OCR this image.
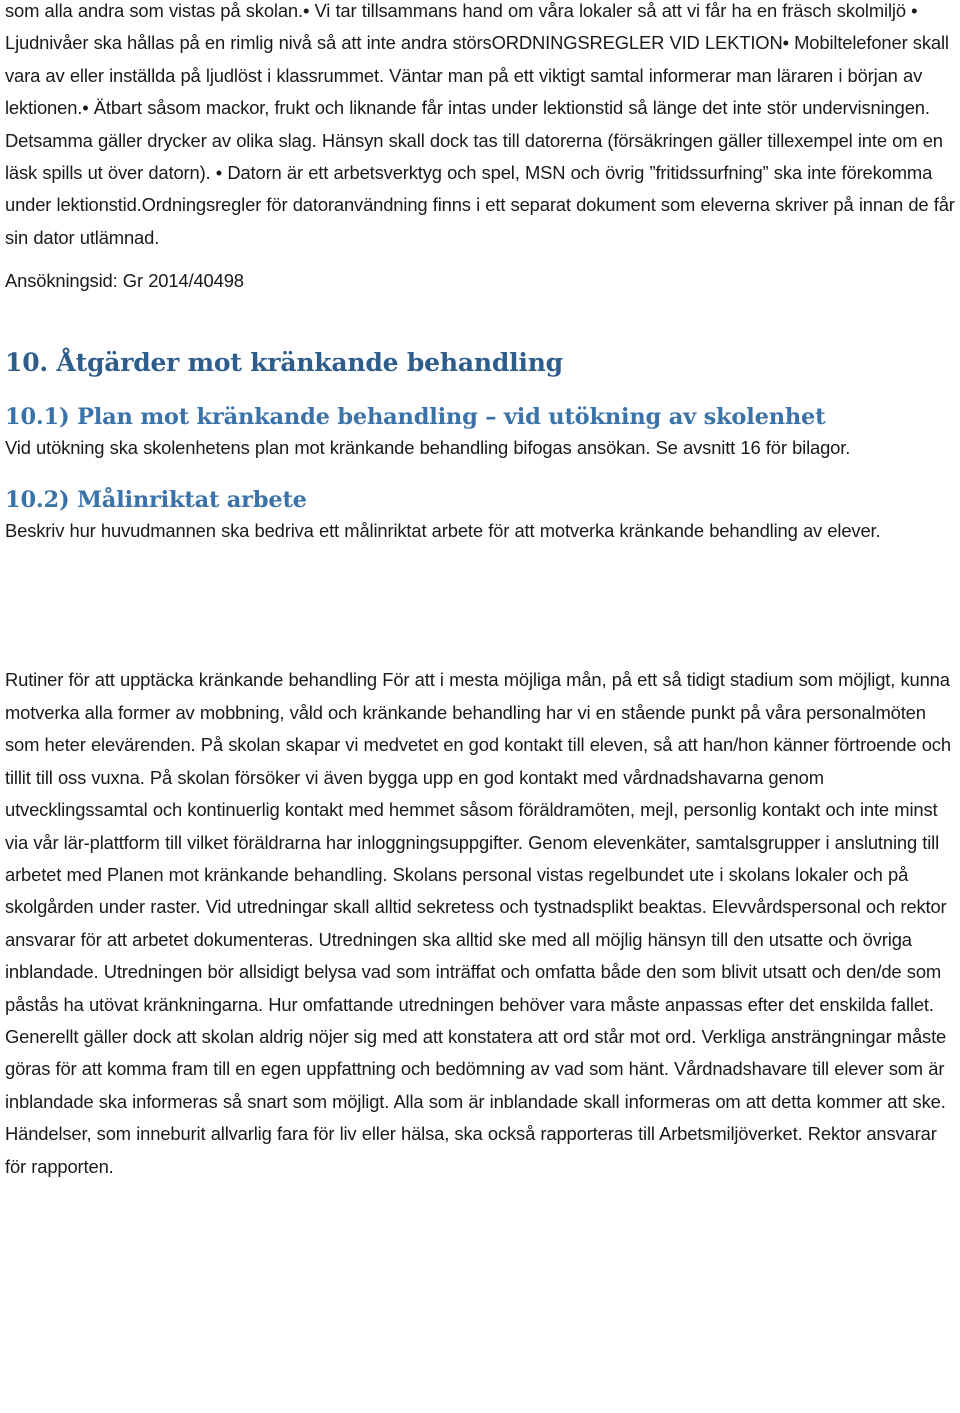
som alla andra som vistas på skolan.• Vi tar tillsammans hand om våra lokaler så att vi får ha en fräsch skolmiljö • Ljudnivåer ska hållas på en rimlig nivå så att inte andra störsORDNINGSREGLER VID LEKTION• Mobiltelefoner skall vara av eller inställda på ljudlöst i klassrummet. Väntar man på ett viktigt samtal informerar man läraren i början av lektionen.• Ätbart såsom mackor, frukt och liknande får intas under lektionstid så länge det inte stör undervisningen. Detsamma gäller drycker av olika slag. Hänsyn skall dock tas till datorerna (försäkringen gäller tillexempel inte om en läsk spills ut över datorn). • Datorn är ett arbetsverktyg och spel, MSN och övrig ”fritidssurfning” ska inte förekomma under lektionstid.Ordningsregler för datoranvändning finns i ett separat dokument som eleverna skriver på innan de får sin dator utlämnad.

Ansökningsid: Gr 2014/40498

10. Åtgärder mot kränkande behandling
10.1) Plan mot kränkande behandling – vid utökning av skolenhet

Vid utökning ska skolenhetens plan mot kränkande behandling bifogas ansökan. Se avsnitt 16 för bilagor.

10.2) Målinriktat arbete

Beskriv hur huvudmannen ska bedriva ett målinriktat arbete för att motverka kränkande behandling av elever.

Rutiner för att upptäcka kränkande behandling För att i mesta möjliga mån, på ett så tidigt stadium som möjligt, kunna motverka alla former av mobbning, våld och kränkande behandling har vi en stående punkt på våra personalmöten som heter elevärenden. På skolan skapar vi medvetet en god kontakt till eleven, så att han/hon känner förtroende och tillit till oss vuxna. På skolan försöker vi även bygga upp en god kontakt med vårdnadshavarna genom utvecklingssamtal och kontinuerlig kontakt med hemmet såsom föräldramöten, mejl, personlig kontakt och inte minst via vår lär-plattform till vilket föräldrarna har inloggningsuppgifter. Genom elevenkäter, samtalsgrupper i anslutning till arbetet med Planen mot kränkande behandling. Skolans personal vistas regelbundet ute i skolans lokaler och på skolgården under raster. Vid utredningar skall alltid sekretess och tystnadsplikt beaktas. Elevvårdspersonal och rektor ansvarar för att arbetet dokumenteras. Utredningen ska alltid ske med all möjlig hänsyn till den utsatte och övriga inblandade. Utredningen bör allsidigt belysa vad som inträffat och omfatta både den som blivit utsatt och den/de som påstås ha utövat kränkningarna. Hur omfattande utredningen behöver vara måste anpassas efter det enskilda fallet. Generellt gäller dock att skolan aldrig nöjer sig med att konstatera att ord står mot ord. Verkliga ansträngningar måste göras för att komma fram till en egen uppfattning och bedömning av vad som hänt. Vårdnadshavare till elever som är inblandade ska informeras så snart som möjligt. Alla som är inblandade skall informeras om att detta kommer att ske. Händelser, som inneburit allvarlig fara för liv eller hälsa, ska också rapporteras till Arbetsmiljöverket. Rektor ansvarar för rapporten.
